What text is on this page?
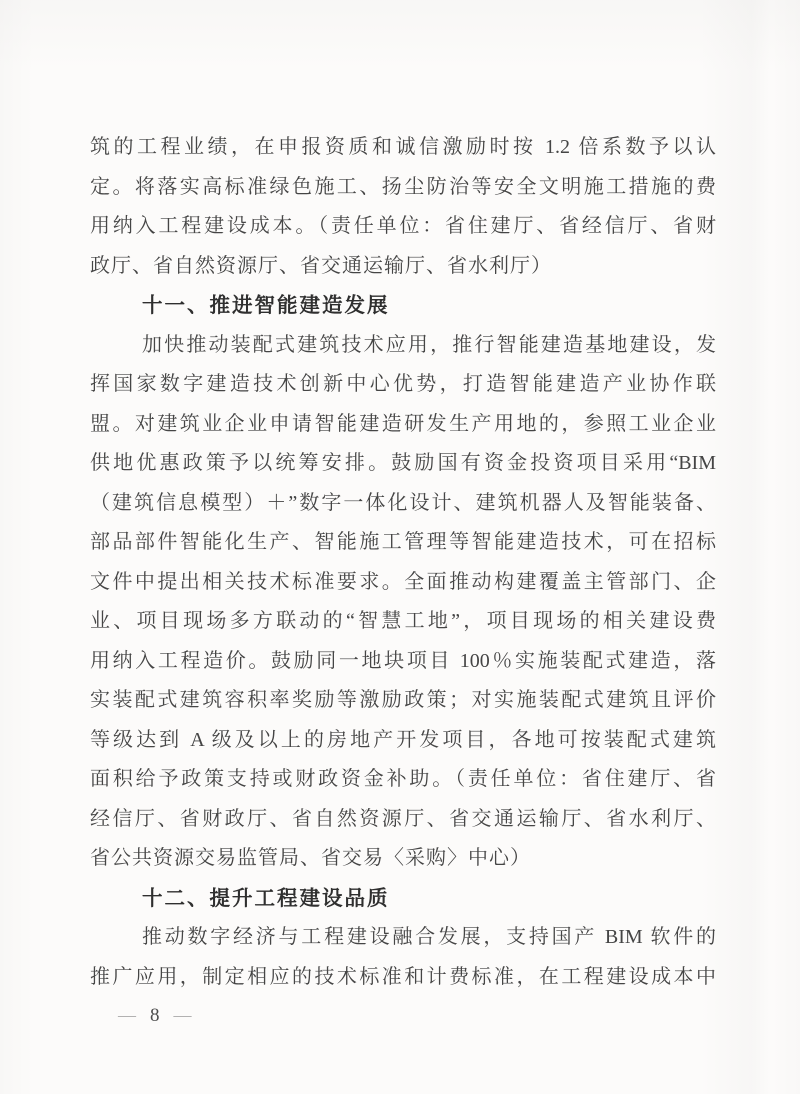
筑的工程业绩，在申报资质和诚信激励时按 1.2 倍系数予以认

定。将落实高标准绿色施工、扬尘防治等安全文明施工措施的费

用纳入工程建设成本。（责任单位：省住建厅、省经信厅、省财

政厅、省自然资源厅、省交通运输厅、省水利厅）

十一、推进智能建造发展

加快推动装配式建筑技术应用，推行智能建造基地建设，发

挥国家数字建造技术创新中心优势，打造智能建造产业协作联

盟。对建筑业企业申请智能建造研发生产用地的，参照工业企业

供地优惠政策予以统筹安排。鼓励国有资金投资项目采用“BIM

（建筑信息模型）＋”数字一体化设计、建筑机器人及智能装备、

部品部件智能化生产、智能施工管理等智能建造技术，可在招标

文件中提出相关技术标准要求。全面推动构建覆盖主管部门、企

业、项目现场多方联动的“智慧工地”，项目现场的相关建设费

用纳入工程造价。鼓励同一地块项目 100％实施装配式建造，落

实装配式建筑容积率奖励等激励政策；对实施装配式建筑且评价

等级达到 A 级及以上的房地产开发项目，各地可按装配式建筑

面积给予政策支持或财政资金补助。（责任单位：省住建厅、省

经信厅、省财政厅、省自然资源厅、省交通运输厅、省水利厅、

省公共资源交易监管局、省交易〈采购〉中心）

十二、提升工程建设品质

推动数字经济与工程建设融合发展，支持国产 BIM 软件的

推广应用，制定相应的技术标准和计费标准，在工程建设成本中

— 8 —
